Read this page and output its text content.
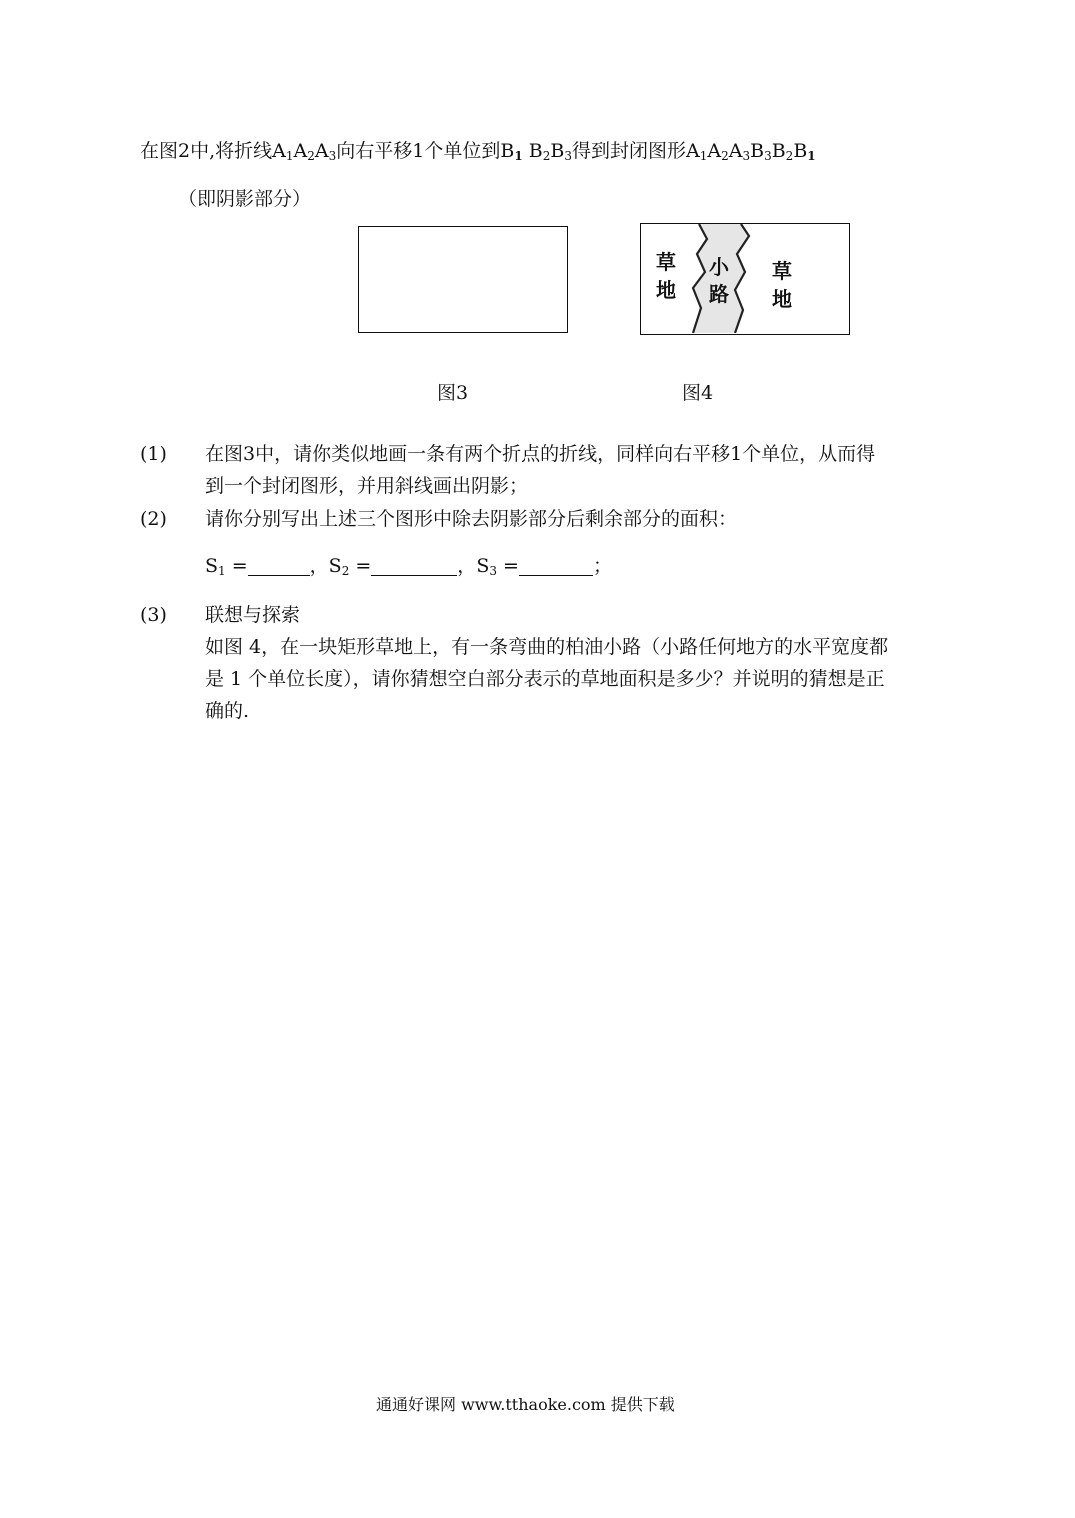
在图2中,将折线$A_1A_2A_3$向右平移1个单位到$B_1$ $B_2B_3$得到封闭图形$A_1A_2A_3B_3B_2B_1$
（即阴影部分）
草
地
小
路
草
地
图3	图4
(1) 在图3中，请你类似地画一条有两个折点的折线，同样向右平移1个单位，从而得
到一个封闭图形，并用斜线画出阴影；
(2) 请你分别写出上述三个图形中除去阴影部分后剩余部分的面积：
$S_1$ =	，$S_2$ =	，$S_3$ =	；
(3) 联想与探索
如图 4，在一块矩形草地上，有一条弯曲的柏油小路（小路任何地方的水平宽度都
是 1 个单位长度），请你猜想空白部分表示的草地面积是多少？并说明的猜想是正
确的.
通通好课网 www.tthaoke.com 提供下载
